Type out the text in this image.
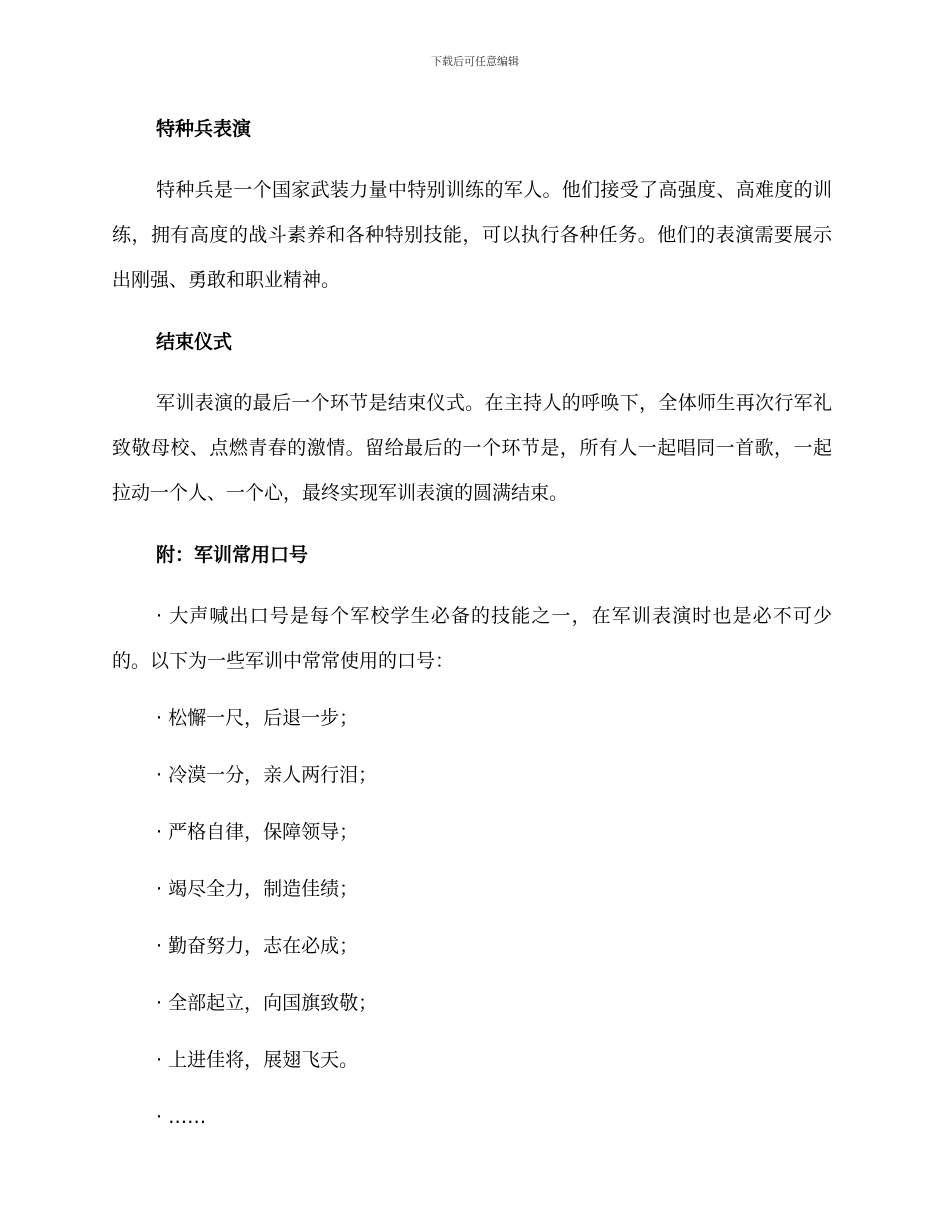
下载后可任意编辑
特种兵表演

特种兵是一个国家武装力量中特别训练的军人。他们接受了高强度、高难度的训练，拥有高度的战斗素养和各种特别技能，可以执行各种任务。他们的表演需要展示出刚强、勇敢和职业精神。

结束仪式

军训表演的最后一个环节是结束仪式。在主持人的呼唤下，全体师生再次行军礼致敬母校、点燃青春的激情。留给最后的一个环节是，所有人一起唱同一首歌，一起拉动一个人、一个心，最终实现军训表演的圆满结束。

附：军训常用口号

· 大声喊出口号是每个军校学生必备的技能之一，在军训表演时也是必不可少的。以下为一些军训中常常使用的口号：

· 松懈一尺，后退一步；
· 冷漠一分，亲人两行泪；
· 严格自律，保障领导；
· 竭尽全力，制造佳绩；
· 勤奋努力，志在必成；
· 全部起立，向国旗致敬；
· 上进佳将，展翅飞天。
· ……
